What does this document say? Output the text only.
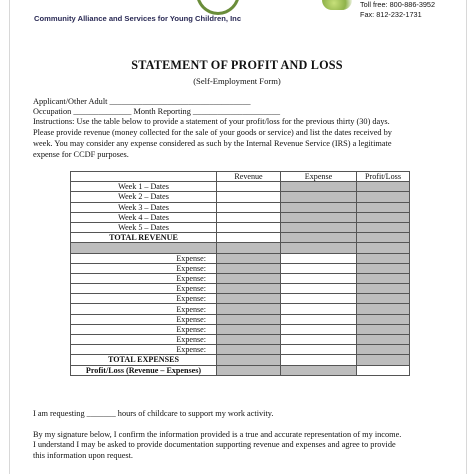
Community Alliance and Services for Young Children, Inc
Toll free: 800-886-3952
Fax: 812-232-1731
STATEMENT OF PROFIT AND LOSS
(Self-Employment Form)
Applicant/Other Adult __________________________________
Occupation ______________ Month Reporting _____________________
Instructions: Use the table below to provide a statement of your profit/loss for the previous thirty (30) days.
Please provide revenue (money collected for the sale of your goods or service) and list the dates received by
week. You may consider any expense considered as such by the Internal Revenue Service (IRS) a legitimate
expense for CCDF purposes.
	Revenue	Expense	Profit/Loss
Week 1 – Dates			
Week 2 – Dates			
Week 3 – Dates			
Week 4 – Dates			
Week 5 – Dates			
TOTAL REVENUE			

Expense:			
Expense:			
Expense:			
Expense:			
Expense:			
Expense:			
Expense:			
Expense:			
Expense:			
Expense:			
TOTAL EXPENSES			
Profit/Loss (Revenue – Expenses)			
I am requesting _______ hours of childcare to support my work activity.
By my signature below, I confirm the information provided is a true and accurate representation of my income.
I understand I may be asked to provide documentation supporting revenue and expenses and agree to provide
this information upon request.
